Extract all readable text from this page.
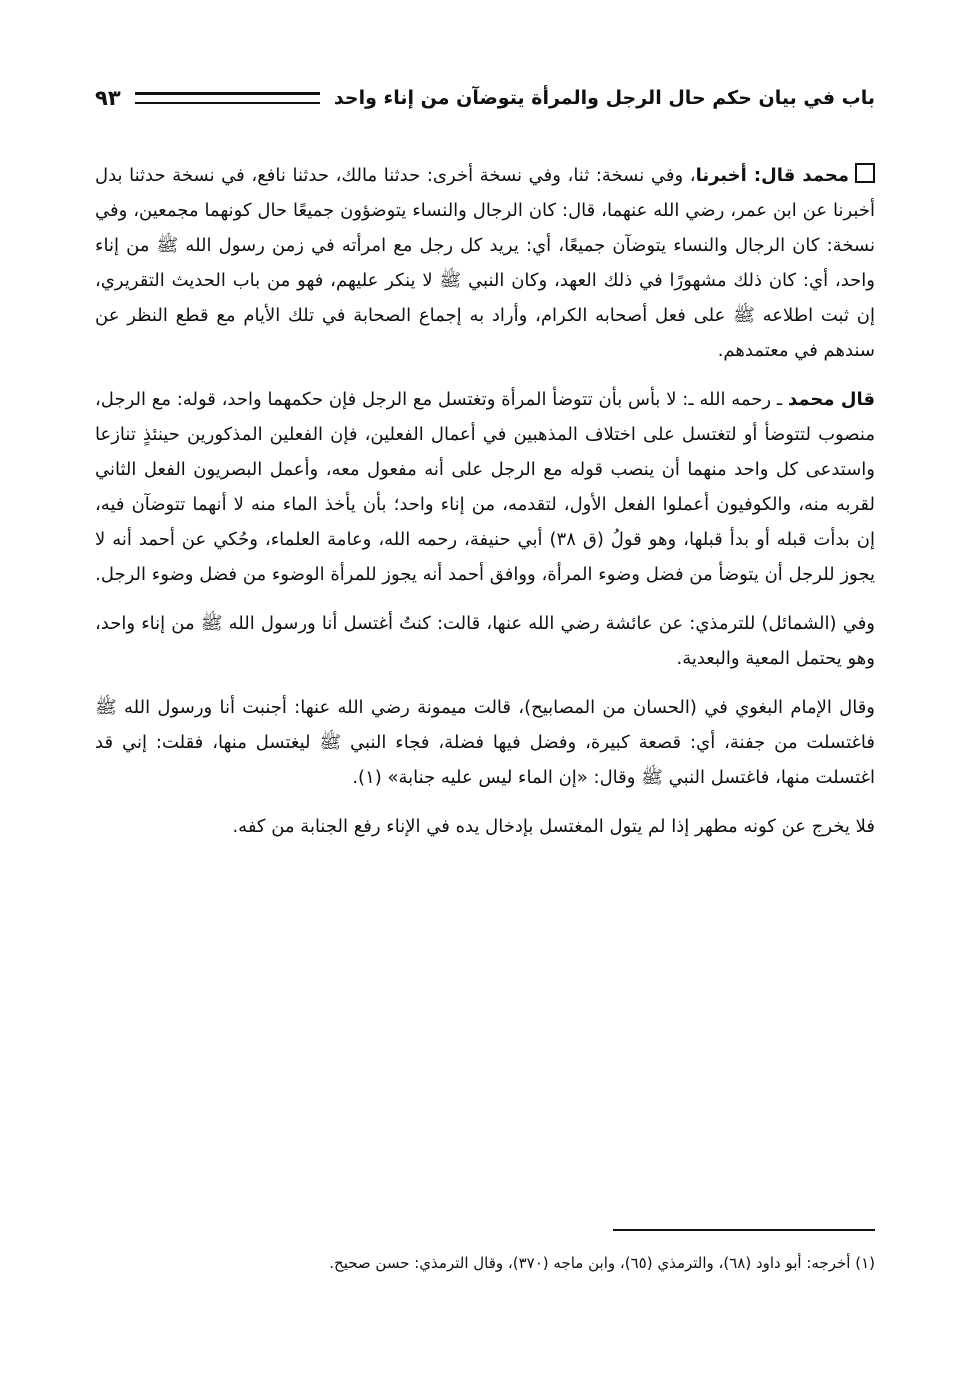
باب في بيان حكم حال الرجل والمرأة يتوضآن من إناء واحد
٩٣

محمد قال: أخبرنا، وفي نسخة: ثنا، وفي نسخة أخرى: حدثنا مالك، حدثنا نافع، في نسخة حدثنا بدل أخبرنا عن ابن عمر، رضي الله عنهما، قال: كان الرجال والنساء يتوضؤون جميعًا حال كونهما مجمعين، وفي نسخة: كان الرجال والنساء يتوضآن جميعًا، أي: يريد كل رجل مع امرأته في زمن رسول الله ﷺ من إناء واحد، أي: كان ذلك مشهورًا في ذلك العهد، وكان النبي ﷺ لا ينكر عليهم، فهو من باب الحديث التقريري، إن ثبت اطلاعه ﷺ على فعل أصحابه الكرام، وأراد به إجماع الصحابة في تلك الأيام مع قطع النظر عن سندهم في معتمدهم.

قال محمد ـ رحمه الله ـ: لا بأس بأن تتوضأ المرأة وتغتسل مع الرجل فإن حكمهما واحد، قوله: مع الرجل، منصوب لتتوضأ أو لتغتسل على اختلاف المذهبين في أعمال الفعلين، فإن الفعلين المذكورين حينئذٍ تنازعا واستدعى كل واحد منهما أن ينصب قوله مع الرجل على أنه مفعول معه، وأعمل البصريون الفعل الثاني لقربه منه، والكوفيون أعملوا الفعل الأول، لتقدمه، من إناء واحد؛ بأن يأخذ الماء منه لا أنهما تتوضآن فيه، إن بدأت قبله أو بدأ قبلها، وهو قولُ (ق ٣٨) أبي حنيفة، رحمه الله، وعامة العلماء، وحُكي عن أحمد أنه لا يجوز للرجل أن يتوضأ من فضل وضوء المرأة، ووافق أحمد أنه يجوز للمرأة الوضوء من فضل وضوء الرجل.

وفي (الشمائل) للترمذي: عن عائشة رضي الله عنها، قالت: كنتُ أغتسل أنا ورسول الله ﷺ من إناء واحد، وهو يحتمل المعية والبعدية.

وقال الإمام البغوي في (الحسان من المصابيح)، قالت ميمونة رضي الله عنها: أجنبت أنا ورسول الله ﷺ فاغتسلت من جفنة، أي: قصعة كبيرة، وفضل فيها فضلة، فجاء النبي ﷺ ليغتسل منها، فقلت: إني قد اغتسلت منها، فاغتسل النبي ﷺ وقال: «إن الماء ليس عليه جنابة» (١).

فلا يخرج عن كونه مطهر إذا لم يتول المغتسل بإدخال يده في الإناء رفع الجنابة من كفه.

(١) أخرجه: أبو داود (٦٨)، والترمذي (٦٥)، وابن ماجه (٣٧٠)، وقال الترمذي: حسن صحيح.
